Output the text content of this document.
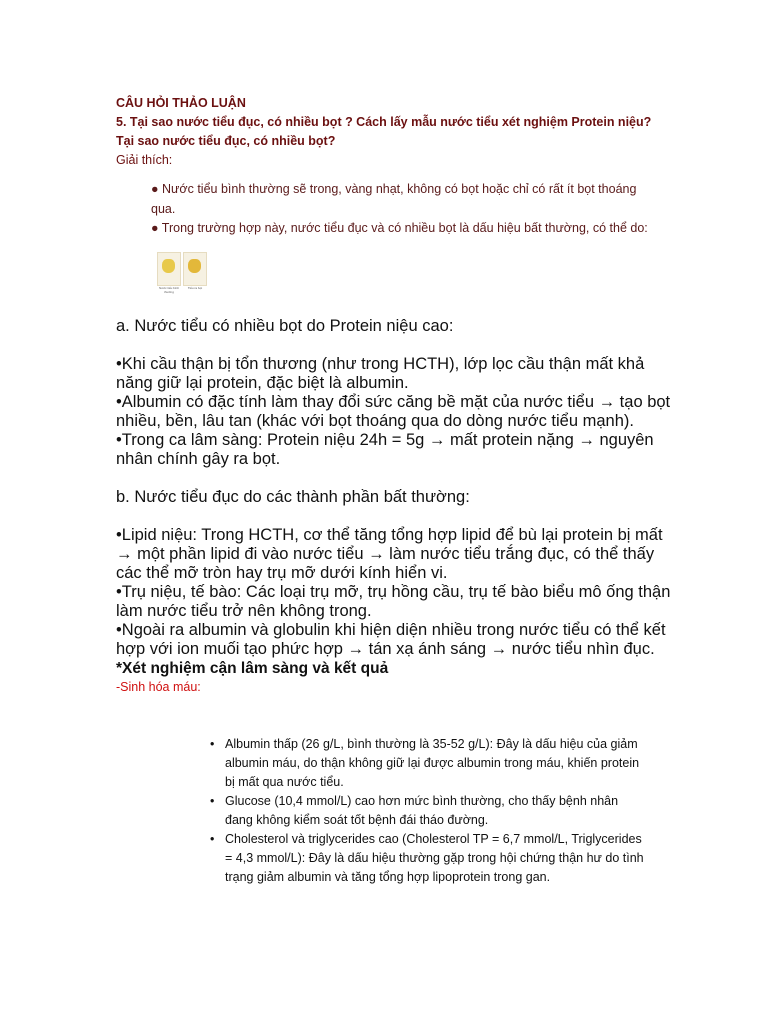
CÂU HỎI THẢO LUẬN
5. Tại sao nước tiểu đục, có nhiều bọt ? Cách lấy mẫu nước tiểu xét nghiệm Protein niệu?
Tại sao nước tiểu đục, có nhiều bọt?
Giải thích:
● Nước tiểu bình thường sẽ trong, vàng nhạt, không có bọt hoặc chỉ có rất ít bọt thoáng qua.
● Trong trường hợp này, nước tiểu đục và có nhiều bọt là dấu hiệu bất thường, có thể do:
Nước tiểu bình thường
Tiểu ra bọt

a. Nước tiểu có nhiều bọt do Protein niệu cao:

•Khi cầu thận bị tổn thương (như trong HCTH), lớp lọc cầu thận mất khả năng giữ lại protein, đặc biệt là albumin.

•Albumin có đặc tính làm thay đổi sức căng bề mặt của nước tiểu → tạo bọt nhiều, bền, lâu tan (khác với bọt thoáng qua do dòng nước tiểu mạnh).

•Trong ca lâm sàng: Protein niệu 24h = 5g → mất protein nặng → nguyên nhân chính gây ra bọt.

b. Nước tiểu đục do các thành phần bất thường:

•Lipid niệu: Trong HCTH, cơ thể tăng tổng hợp lipid để bù lại protein bị mất → một phần lipid đi vào nước tiểu → làm nước tiểu trắng đục, có thể thấy các thể mỡ tròn hay trụ mỡ dưới kính hiển vi.

•Trụ niệu, tế bào: Các loại trụ mỡ, trụ hồng cầu, trụ tế bào biểu mô ống thận làm nước tiểu trở nên không trong.

•Ngoài ra albumin và globulin khi hiện diện nhiều trong nước tiểu có thể kết hợp với ion muối tạo phức hợp → tán xạ ánh sáng → nước tiểu nhìn đục.

*Xét nghiệm cận lâm sàng và kết quả

-Sinh hóa máu:

• Albumin thấp (26 g/L, bình thường là 35-52 g/L): Đây là dấu hiệu của giảm albumin máu, do thận không giữ lại được albumin trong máu, khiến protein bị mất qua nước tiểu.
• Glucose (10,4 mmol/L) cao hơn mức bình thường, cho thấy bệnh nhân đang không kiểm soát tốt bệnh đái tháo đường.
• Cholesterol và triglycerides cao (Cholesterol TP = 6,7 mmol/L, Triglycerides = 4,3 mmol/L): Đây là dấu hiệu thường gặp trong hội chứng thận hư do tình trạng giảm albumin và tăng tổng hợp lipoprotein trong gan.
